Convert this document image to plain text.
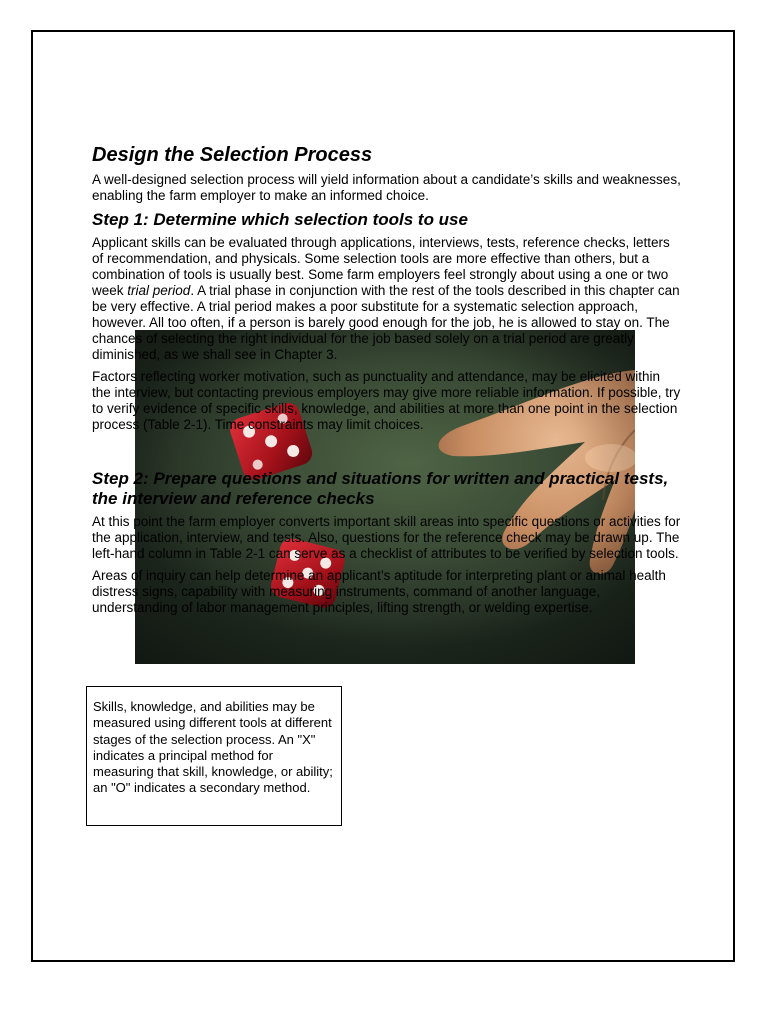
Design the Selection Process

A well-designed selection process will yield information about a candidate’s skills and weaknesses, enabling the farm employer to make an informed choice.

Step 1: Determine which selection tools to use

Applicant skills can be evaluated through applications, interviews, tests, reference checks, letters of recommendation, and physicals. Some selection tools are more effective than others, but a combination of tools is usually best. Some farm employers feel strongly about using a one or two week trial period. A trial phase in conjunction with the rest of the tools described in this chapter can be very effective. A trial period makes a poor substitute for a systematic selection approach, however. All too often, if a person is barely good enough for the job, he is allowed to stay on. The chances of selecting the right individual for the job based solely on a trial period are greatly diminished, as we shall see in Chapter 3.

Factors reflecting worker motivation, such as punctuality and attendance, may be elicited within the interview, but contacting previous employers may give more reliable information. If possible, try to verify evidence of specific skills, knowledge, and abilities at more than one point in the selection process (Table 2-1). Time constraints may limit choices.

Step 2: Prepare questions and situations for written and practical tests, the interview and reference checks

At this point the farm employer converts important skill areas into specific questions or activities for the application, interview, and tests. Also, questions for the reference check may be drawn up. The left-hand column in Table 2-1 can serve as a checklist of attributes to be verified by selection tools.

Areas of inquiry can help determine an applicant’s aptitude for interpreting plant or animal health distress signs, capability with measuring instruments, command of another language, understanding of labor management principles, lifting strength, or welding expertise.

Skills, knowledge, and abilities may be measured using different tools at different stages of the selection process. An "X" indicates a principal method for measuring that skill, knowledge, or ability; an "O" indicates a secondary method.
